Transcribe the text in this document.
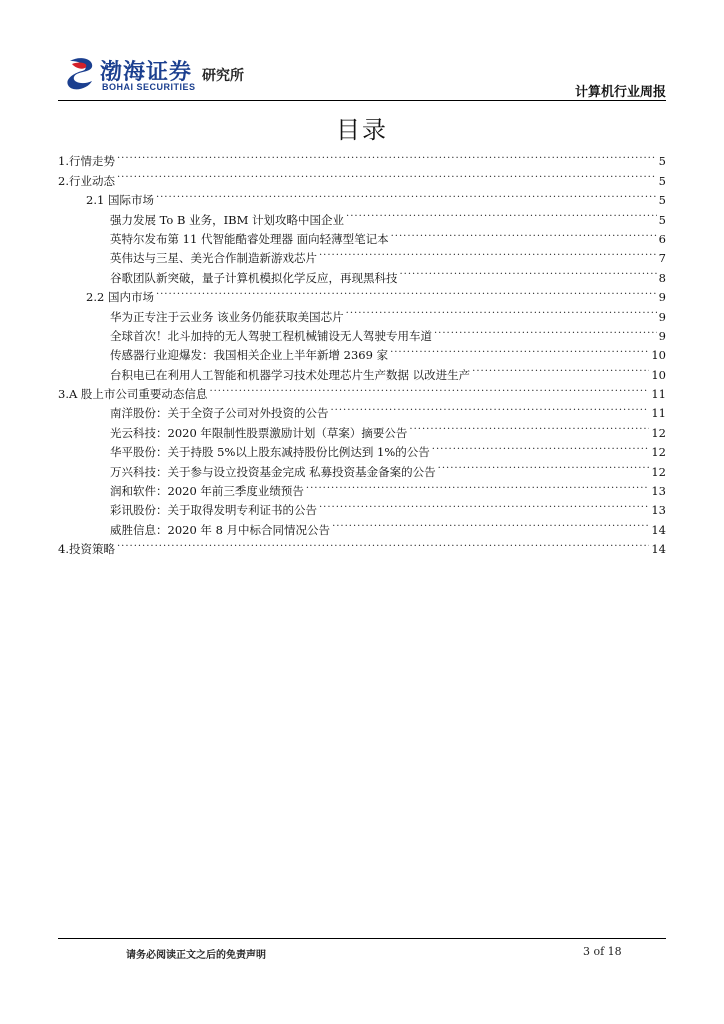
渤海证券
BOHAI SECURITIES
研究所
计算机行业周报
目录
1.行情走势 .....	5
2.行业动态 .....	5
2.1 国际市场 .....	5
强力发展 To B 业务，IBM 计划攻略中国企业 .....	5
英特尔发布第 11 代智能酷睿处理器 面向轻薄型笔记本 .....	6
英伟达与三星、美光合作制造新游戏芯片 .....	7
谷歌团队新突破，量子计算机模拟化学反应，再现黑科技 .....	8
2.2 国内市场 .....	9
华为正专注于云业务 该业务仍能获取美国芯片 .....	9
全球首次！北斗加持的无人驾驶工程机械铺设无人驾驶专用车道 .....	9
传感器行业迎爆发：我国相关企业上半年新增 2369 家 .....	10
台积电已在利用人工智能和机器学习技术处理芯片生产数据 以改进生产 .....	10
3.A 股上市公司重要动态信息 .....	11
南洋股份：关于全资子公司对外投资的公告 .....	11
光云科技：2020 年限制性股票激励计划（草案）摘要公告 .....	12
华平股份：关于持股 5%以上股东减持股份比例达到 1%的公告 .....	12
万兴科技：关于参与设立投资基金完成 私募投资基金备案的公告 .....	12
润和软件：2020 年前三季度业绩预告 .....	13
彩讯股份：关于取得发明专利证书的公告 .....	13
威胜信息：2020 年 8 月中标合同情况公告 .....	14
4.投资策略 .....	14
请务必阅读正文之后的免责声明	3 of 18
